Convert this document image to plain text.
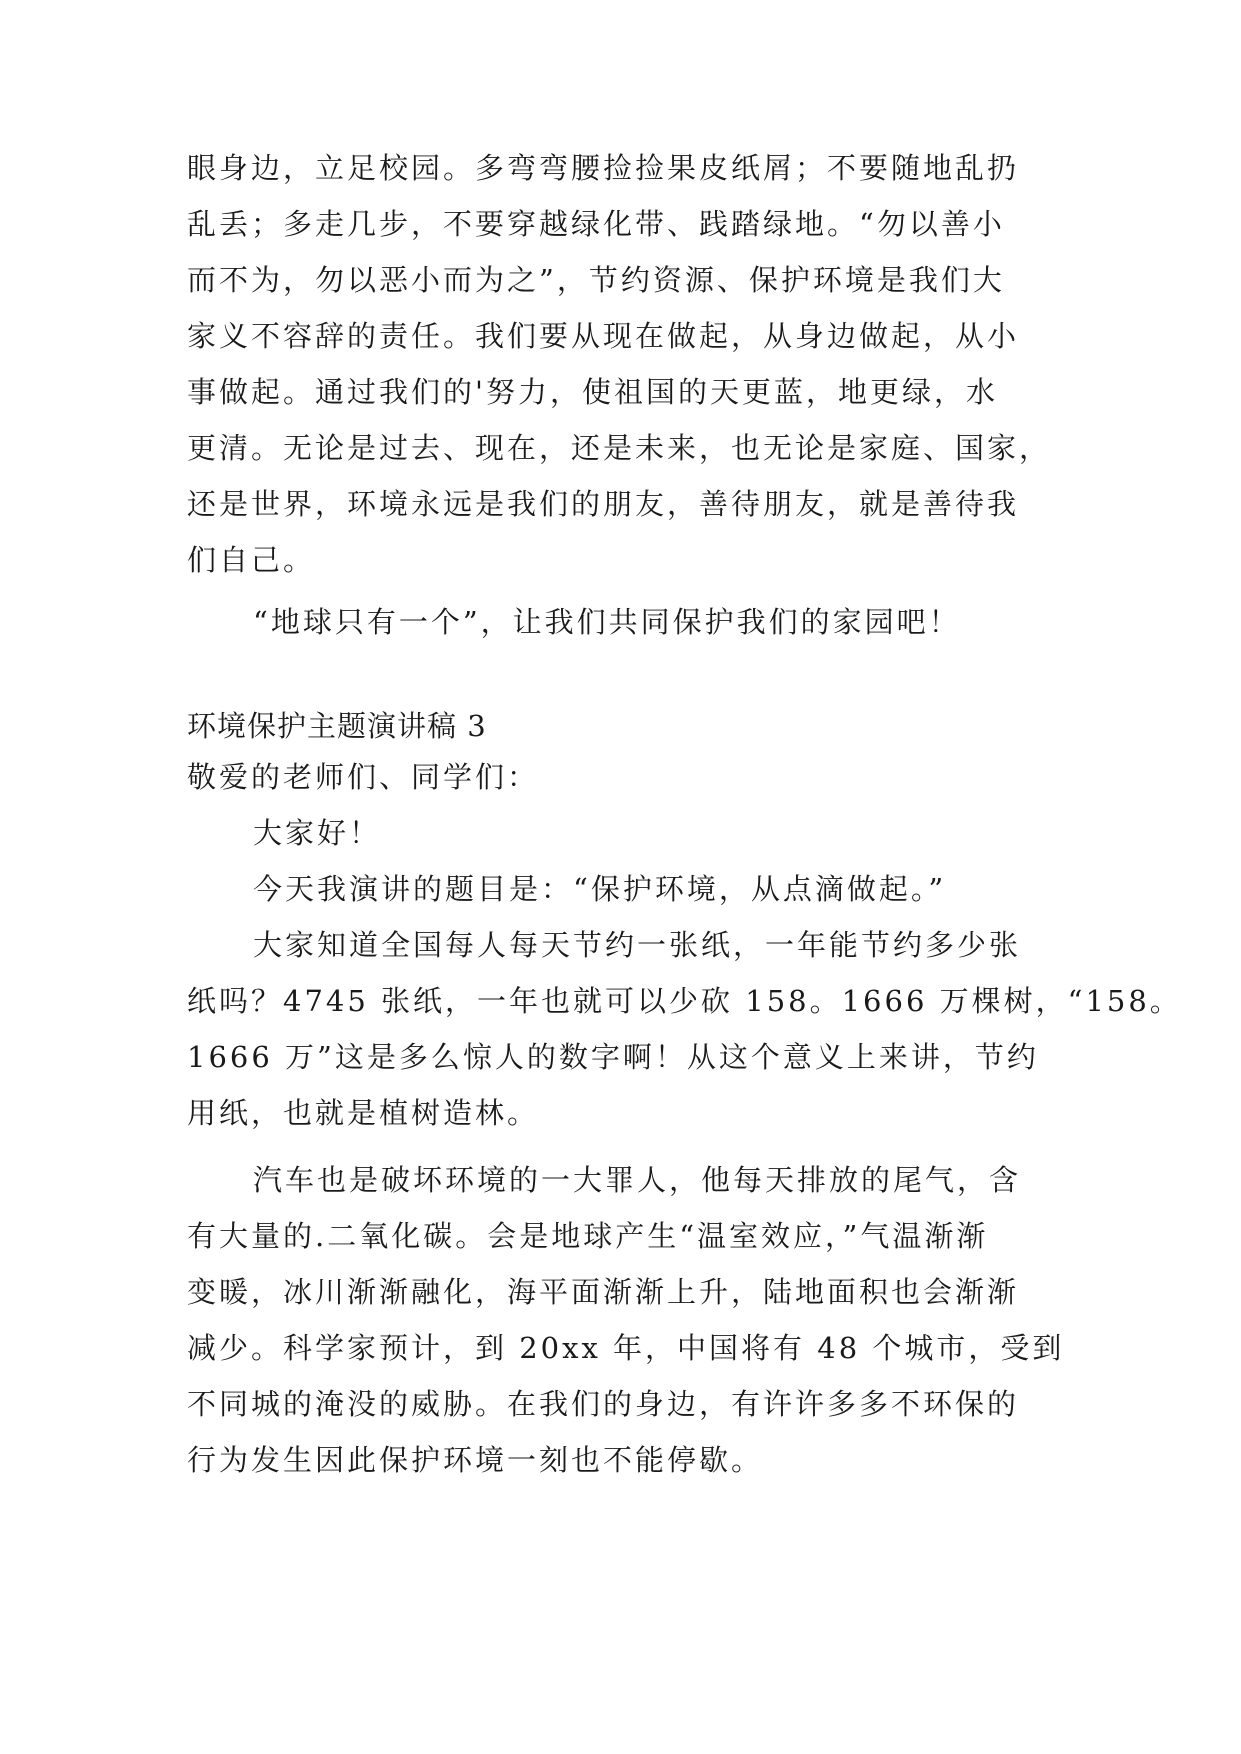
眼身边，立足校园。多弯弯腰捡捡果皮纸屑；不要随地乱扔
乱丢；多走几步，不要穿越绿化带、践踏绿地。“勿以善小
而不为，勿以恶小而为之”，节约资源、保护环境是我们大
家义不容辞的责任。我们要从现在做起，从身边做起，从小
事做起。通过我们的'努力，使祖国的天更蓝，地更绿，水
更清。无论是过去、现在，还是未来，也无论是家庭、国家，
还是世界，环境永远是我们的朋友，善待朋友，就是善待我
们自己。
“地球只有一个”，让我们共同保护我们的家园吧！
环境保护主题演讲稿 3
敬爱的老师们、同学们：
大家好！
今天我演讲的题目是：“保护环境，从点滴做起。”
大家知道全国每人每天节约一张纸，一年能节约多少张
纸吗？4745 张纸，一年也就可以少砍 158。1666 万棵树，“158。
1666 万”这是多么惊人的数字啊！从这个意义上来讲，节约
用纸，也就是植树造林。
汽车也是破坏环境的一大罪人，他每天排放的尾气，含
有大量的.二氧化碳。会是地球产生“温室效应，”气温渐渐
变暖，冰川渐渐融化，海平面渐渐上升，陆地面积也会渐渐
减少。科学家预计，到 20xx 年，中国将有 48 个城市，受到
不同城的淹没的威胁。在我们的身边，有许许多多不环保的
行为发生因此保护环境一刻也不能停歇。
